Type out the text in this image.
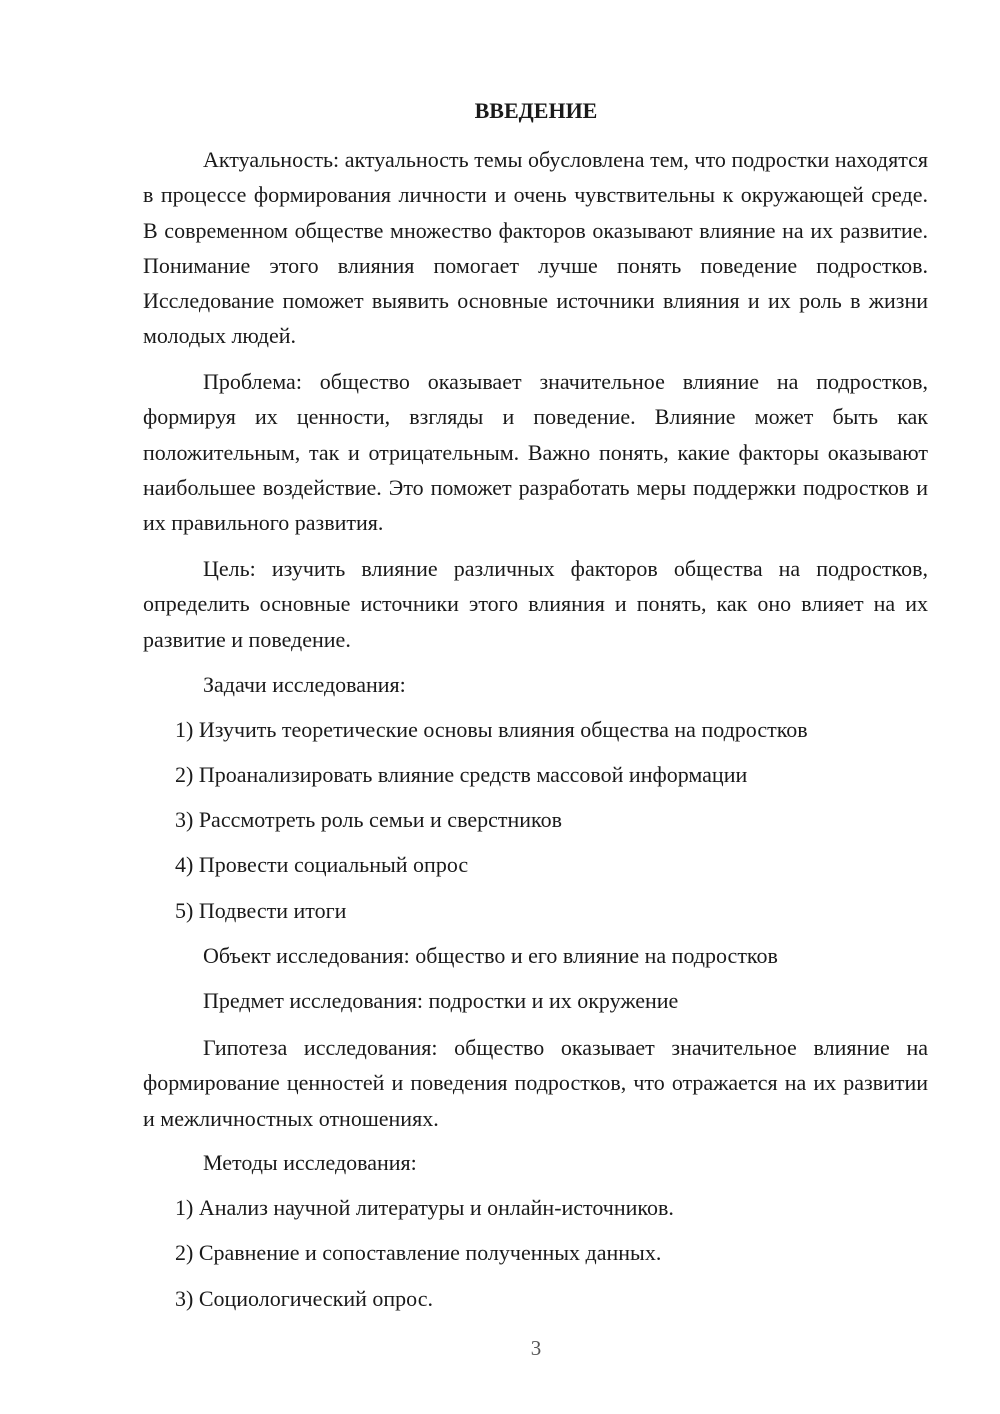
ВВЕДЕНИЕ

Актуальность: актуальность темы обусловлена тем, что подростки находятся в процессе формирования личности и очень чувствительны к окружающей среде. В современном обществе множество факторов оказывают влияние на их развитие. Понимание этого влияния помогает лучше понять поведение подростков. Исследование поможет выявить основные источники влияния и их роль в жизни молодых людей.

Проблема: общество оказывает значительное влияние на подростков, формируя их ценности, взгляды и поведение. Влияние может быть как положительным, так и отрицательным. Важно понять, какие факторы оказывают наибольшее воздействие. Это поможет разработать меры поддержки подростков и их правильного развития.

Цель: изучить влияние различных факторов общества на подростков, определить основные источники этого влияния и понять, как оно влияет на их развитие и поведение.

Задачи исследования:

1) Изучить теоретические основы влияния общества на подростков

2) Проанализировать влияние средств массовой информации

3) Рассмотреть роль семьи и сверстников

4) Провести социальный опрос

5) Подвести итоги

Объект исследования: общество и его влияние на подростков

Предмет исследования: подростки и их окружение

Гипотеза исследования: общество оказывает значительное влияние на формирование ценностей и поведения подростков, что отражается на их развитии и межличностных отношениях.

Методы исследования:

1) Анализ научной литературы и онлайн-источников.

2) Сравнение и сопоставление полученных данных.

3) Социологический опрос.

3
